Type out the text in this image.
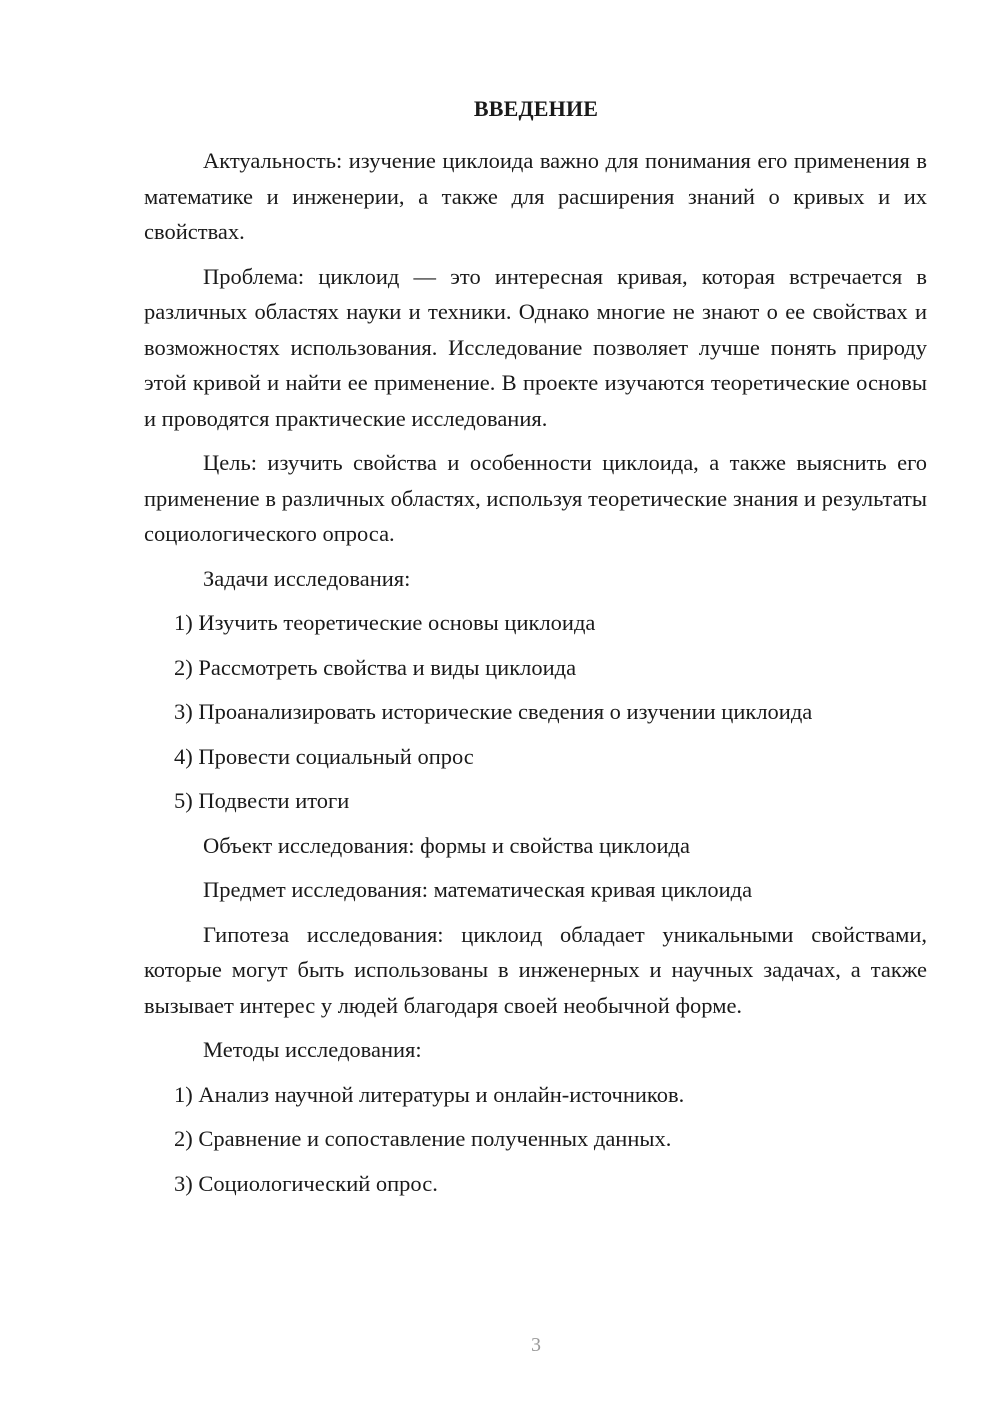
ВВЕДЕНИЕ

Актуальность: изучение циклоида важно для понимания его применения в математике и инженерии, а также для расширения знаний о кривых и их свойствах.

Проблема: циклоид — это интересная кривая, которая встречается в различных областях науки и техники. Однако многие не знают о ее свойствах и возможностях использования. Исследование позволяет лучше понять природу этой кривой и найти ее применение. В проекте изучаются теоретические основы и проводятся практические исследования.

Цель: изучить свойства и особенности циклоида, а также выяснить его применение в различных областях, используя теоретические знания и результаты социологического опроса.

Задачи исследования:

1) Изучить теоретические основы циклоида

2) Рассмотреть свойства и виды циклоида

3) Проанализировать исторические сведения о изучении циклоида

4) Провести социальный опрос

5) Подвести итоги

Объект исследования: формы и свойства циклоида

Предмет исследования: математическая кривая циклоида

Гипотеза исследования: циклоид обладает уникальными свойствами, которые могут быть использованы в инженерных и научных задачах, а также вызывает интерес у людей благодаря своей необычной форме.

Методы исследования:

1) Анализ научной литературы и онлайн-источников.

2) Сравнение и сопоставление полученных данных.

3) Социологический опрос.

3
